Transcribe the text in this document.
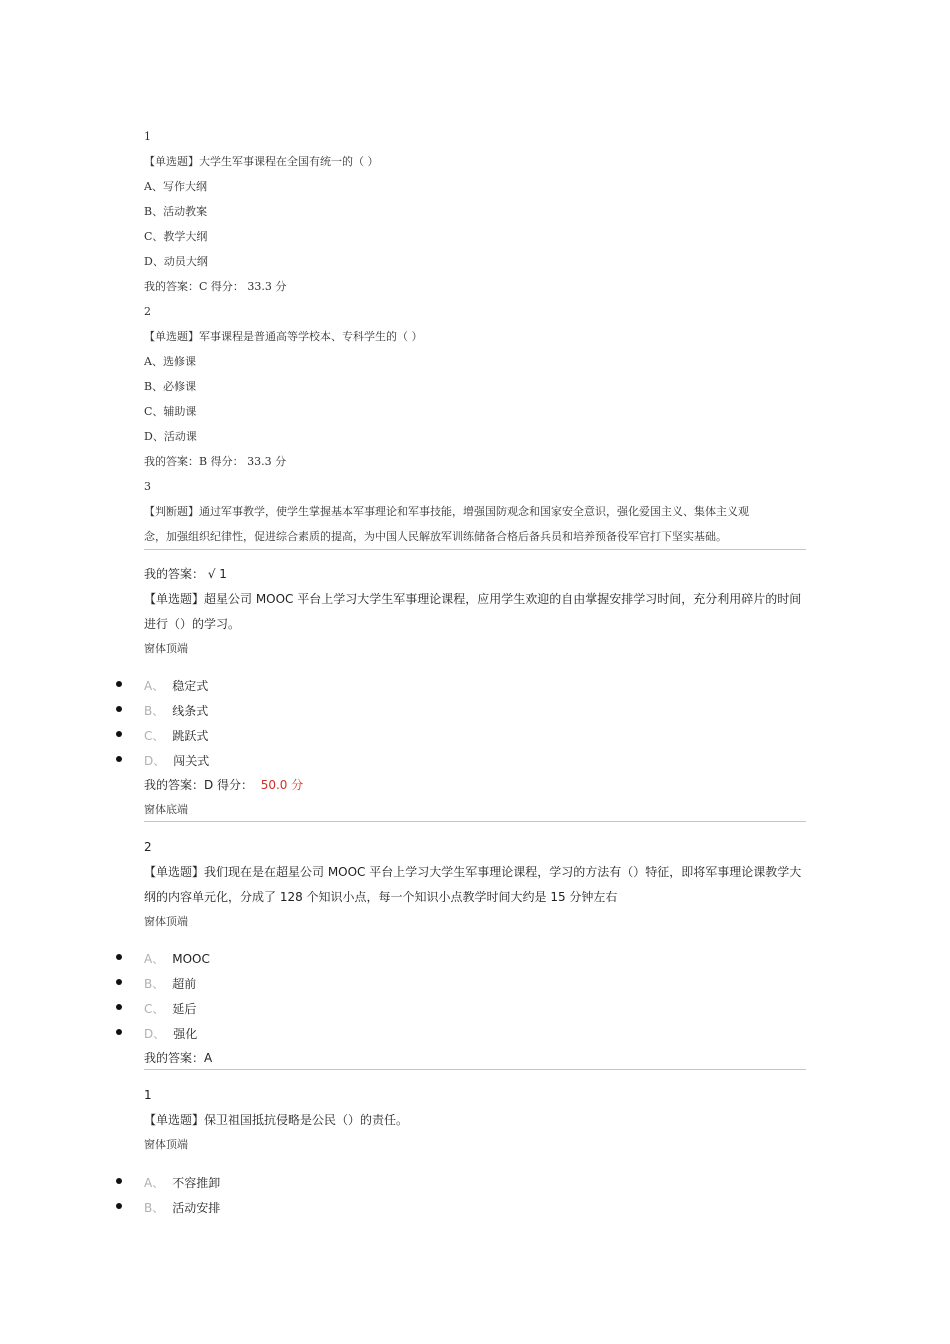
1
【单选题】大学生军事课程在全国有统一的（ ）
A、写作大纲
B、活动教案
C、教学大纲
D、动员大纲
我的答案：C 得分： 33.3 分
2
【单选题】军事课程是普通高等学校本、专科学生的（ ）
A、选修课
B、必修课
C、辅助课
D、活动课
我的答案：B 得分： 33.3 分
3
【判断题】通过军事教学，使学生掌握基本军事理论和军事技能，增强国防观念和国家安全意识，强化爱国主义、集体主义观
念，加强组织纪律性，促进综合素质的提高，为中国人民解放军训练储备合格后备兵员和培养预备役军官打下坚实基础。
我的答案： √ 1
【单选题】超星公司 MOOC 平台上学习大学生军事理论课程，应用学生欢迎的自由掌握安排学习时间，充分利用碎片的时间
进行（）的学习。
窗体顶端
A、 稳定式
B、 线条式
C、 跳跃式
D、 闯关式
我的答案：D 得分： 50.0 分
窗体底端
2
【单选题】我们现在是在超星公司 MOOC 平台上学习大学生军事理论课程，学习的方法有（）特征，即将军事理论课教学大
纲的内容单元化，分成了 128 个知识小点，每一个知识小点教学时间大约是 15 分钟左右
窗体顶端
A、 MOOC
B、 超前
C、 延后
D、 强化
我的答案：A
1
【单选题】保卫祖国抵抗侵略是公民（）的责任。
窗体顶端
A、 不容推卸
B、 活动安排
